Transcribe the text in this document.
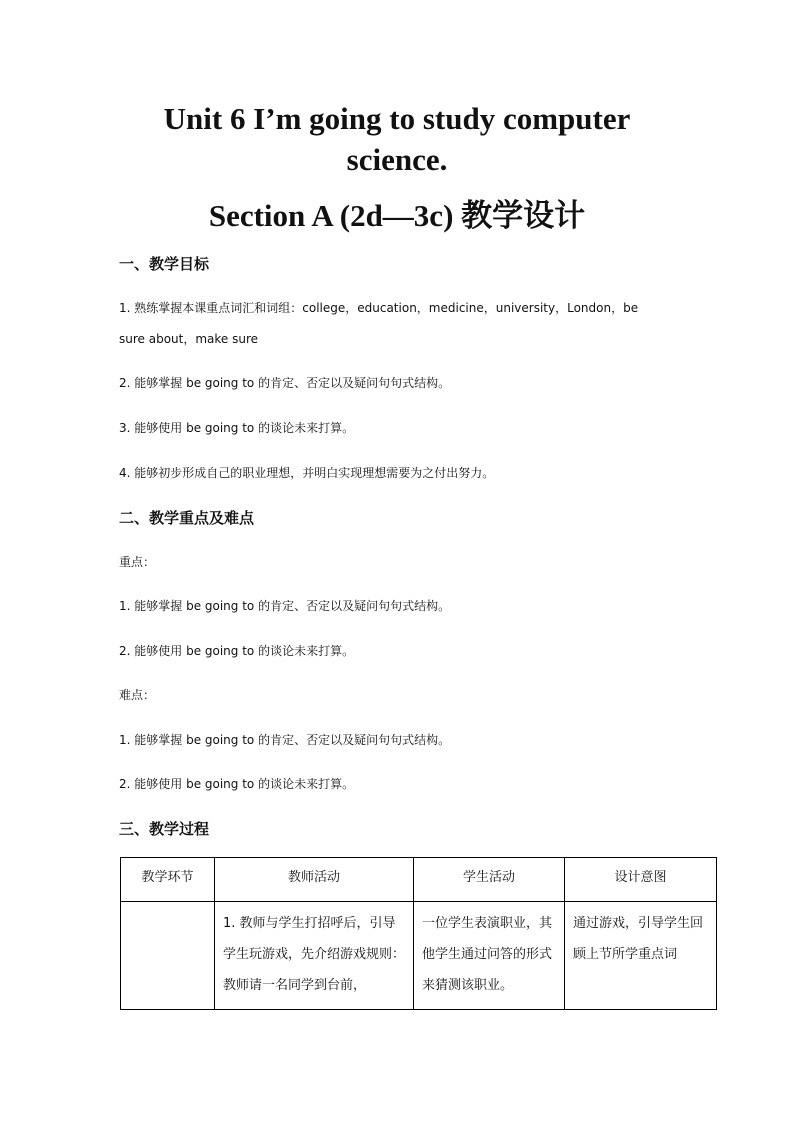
Unit 6 I’m going to study computer
science.
Section A (2d—3c) 教学设计
一、教学目标

1. 熟练掌握本课重点词汇和词组：college，education，medicine，university，London，be

sure about，make sure

2. 能够掌握 be going to 的肯定、否定以及疑问句句式结构。

3. 能够使用 be going to 的谈论未来打算。

4. 能够初步形成自己的职业理想，并明白实现理想需要为之付出努力。

二、教学重点及难点

重点：

1. 能够掌握 be going to 的肯定、否定以及疑问句句式结构。

2. 能够使用 be going to 的谈论未来打算。

难点：

1. 能够掌握 be going to 的肯定、否定以及疑问句句式结构。

2. 能够使用 be going to 的谈论未来打算。

三、教学过程
教学环节	教师活动	学生活动	设计意图
	1. 教师与学生打招呼后，引导学生玩游戏，先介绍游戏规则：教师请一名同学到台前，	一位学生表演职业，其他学生通过问答的形式来猜测该职业。	通过游戏，引导学生回顾上节所学重点词
